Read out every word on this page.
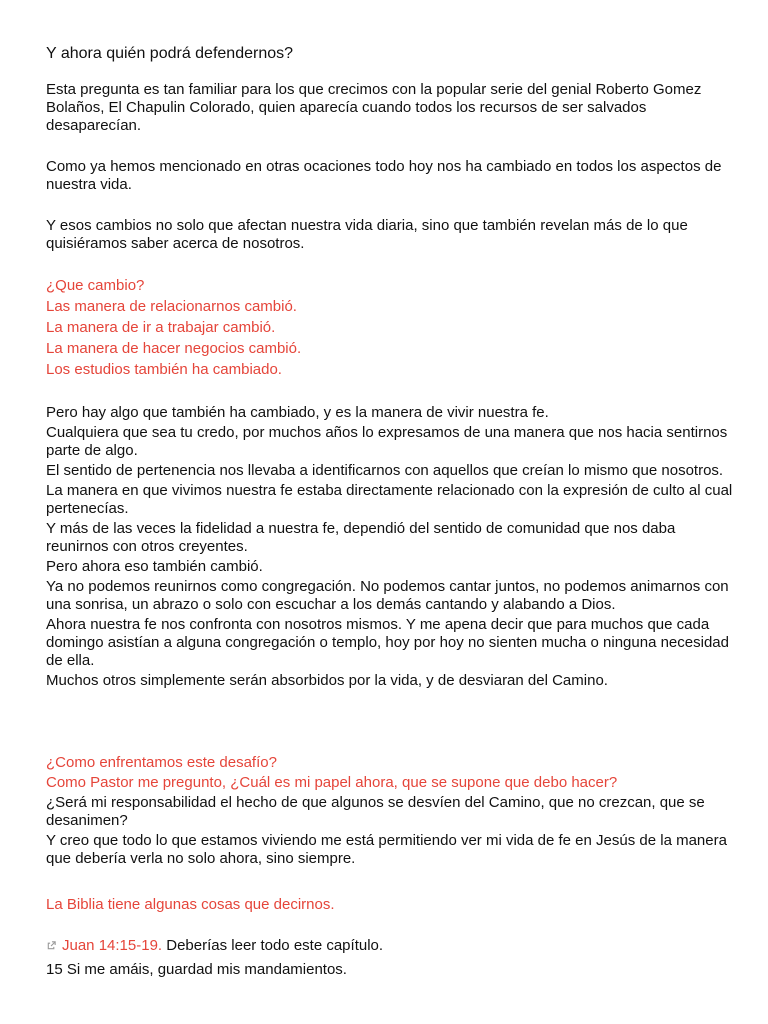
Y ahora quién podrá defendernos?

Esta pregunta es tan familiar para los que crecimos con la popular serie del genial Roberto Gomez Bolaños, El Chapulin Colorado, quien aparecía cuando todos los recursos de ser salvados desaparecían.

Como ya hemos mencionado en otras ocaciones todo hoy nos ha cambiado en todos los aspectos de nuestra vida.

Y esos cambios no solo que afectan nuestra vida diaria, sino que también revelan más de lo que quisiéramos saber acerca de nosotros.

¿Que cambio?
Las manera de relacionarnos cambió.
La manera de ir a trabajar cambió.
La manera de hacer negocios cambió.
Los estudios también ha cambiado.
Pero hay algo que también ha cambiado, y es la manera de vivir nuestra fe.
Cualquiera que sea tu credo, por muchos años lo expresamos de una manera que nos hacia sentirnos parte de algo.
El sentido de pertenencia nos llevaba a identificarnos con aquellos que creían lo mismo que nosotros.
La manera en que vivimos nuestra fe estaba directamente relacionado con la expresión de culto al cual pertenecías.
Y más de las veces la fidelidad a nuestra fe, dependió del sentido de comunidad que nos daba reunirnos con otros creyentes.
Pero ahora eso también cambió.
Ya no podemos reunirnos como congregación. No podemos cantar juntos, no podemos animarnos con una sonrisa, un abrazo o solo con escuchar a los demás cantando y alabando a Dios.
Ahora nuestra fe nos confronta con nosotros mismos. Y me apena decir que para muchos que cada domingo asistían a alguna congregación o templo, hoy por hoy no sienten mucha o ninguna necesidad de ella.
Muchos otros simplemente serán absorbidos por la vida, y de desviaran del Camino.
¿Como enfrentamos este desafío?
Como Pastor me pregunto, ¿Cuál es mi papel ahora, que se supone que debo hacer?
¿Será mi responsabilidad el hecho de que algunos se desvíen del Camino, que no crezcan, que se desanimen?
Y creo que todo lo que estamos viviendo me está permitiendo ver mi vida de fe en Jesús de la manera que debería verla no solo ahora, sino siempre.

La Biblia tiene algunas cosas que decirnos.

Juan 14:15-19. Deberías leer todo este capítulo.

15 Si me amáis, guardad mis mandamientos.
